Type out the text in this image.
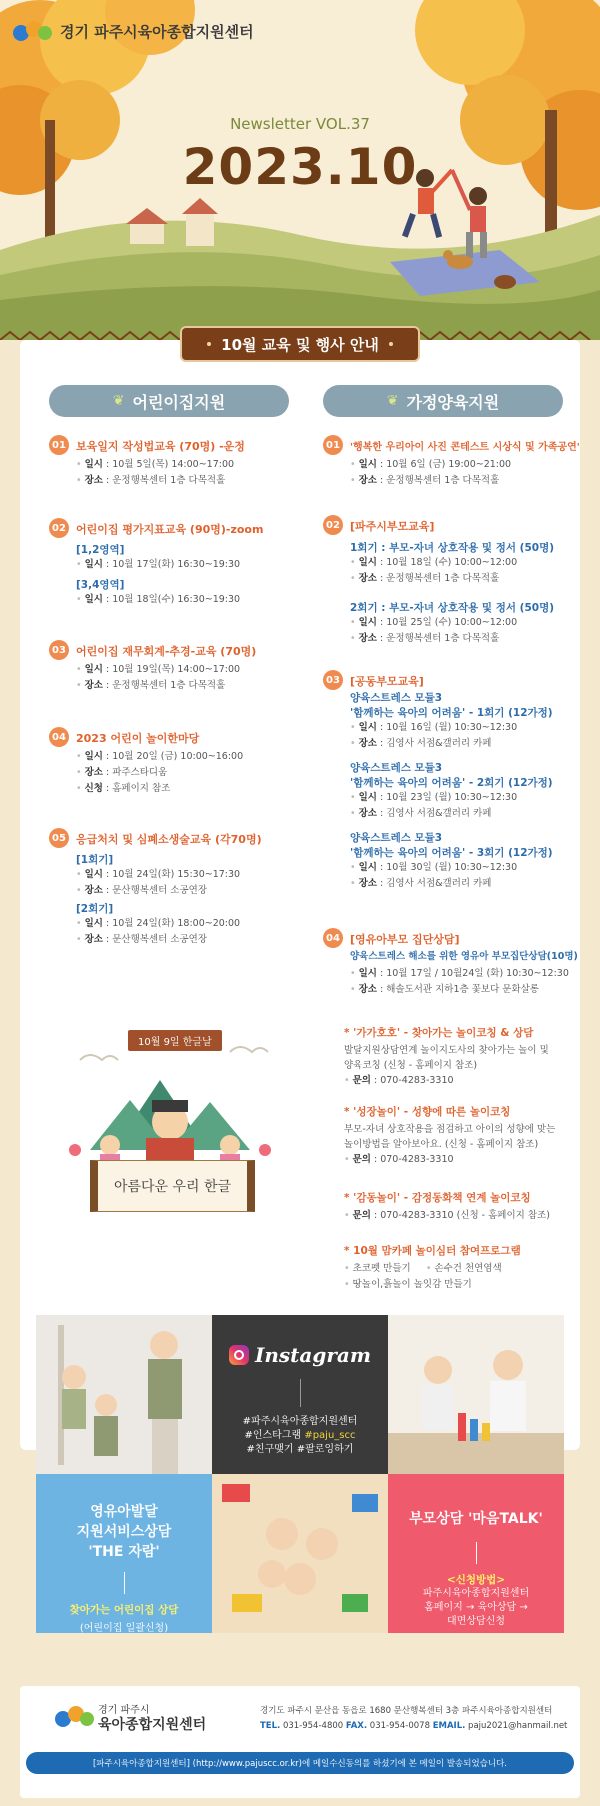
경기 파주시육아종합지원센터
Newsletter VOL.37
2023.10
❦ 어린이집지원	❦ 가정양육지원
01 보육일지 작성법교육 (70명) -운정
• 일시 : 10월 5일(목) 14:00~17:00
• 장소 : 운정행복센터 1층 다목적홀
02 어린이집 평가지표교육 (90명)-zoom
[1,2영역]
• 일시 : 10월 17일(화) 16:30~19:30
[3,4영역]
• 일시 : 10월 18일(수) 16:30~19:30
03 어린이집 재무회계-추경-교육 (70명)
• 일시 : 10월 19일(목) 14:00~17:00
• 장소 : 운정행복센터 1층 다목적홀
04 2023 어린이 놀이한마당
• 일시 : 10월 20일 (금) 10:00~16:00
• 장소 : 파주스타디움
• 신청 : 홈페이지 참조
05 응급처치 및 심폐소생술교육 (각70명)
[1회기]
• 일시 : 10월 24일(화) 15:30~17:30
• 장소 : 문산행복센터 소공연장
[2회기]
• 일시 : 10월 24일(화) 18:00~20:00
• 장소 : 문산행복센터 소공연장
01	'행복한 우리아이 사진 콘테스트 시상식 및 가족공연'
• 일시 : 10월 6일 (금) 19:00~21:00
• 장소 : 운정행복센터 1층 다목적홀
02 [파주시부모교육]
1회기 : 부모-자녀 상호작용 및 정서 (50명)
• 일시 : 10월 18일 (수) 10:00~12:00
• 장소 : 운정행복센터 1층 다목적홀
2회기 : 부모-자녀 상호작용 및 정서 (50명)
• 일시 : 10월 25일 (수) 10:00~12:00
• 장소 : 운정행복센터 1층 다목적홀
03 [공동부모교육]
양육스트레스 모듈3
'함께하는 육아의 어려움' - 1회기 (12가정)
• 일시 : 10월 16일 (월) 10:30~12:30
• 장소 : 김영사 서점&갤러리 카페
양육스트레스 모듈3
'함께하는 육아의 어려움' - 2회기 (12가정)
• 일시 : 10월 23일 (월) 10:30~12:30
• 장소 : 김영사 서점&갤러리 카페
양육스트레스 모듈3
'함께하는 육아의 어려움' - 3회기 (12가정)
• 일시 : 10월 30일 (월) 10:30~12:30
• 장소 : 김영사 서점&갤러리 카페
04 [영유아부모 집단상담]
양육스트레스 해소를 위한 영유아 부모집단상담(10명)
• 일시 : 10월 17일 / 10월24일 (화) 10:30~12:30
• 장소 : 해솔도서관 지하1층 꽃보다 문화살롱
* '가가호호' - 찾아가는 놀이코칭 & 상담
발달지원상담연계 놀이지도사의 찾아가는 놀이 및
양육코칭 (신청 - 홈페이지 참조)
• 문의 : 070-4283-3310
* '성장놀이' - 성향에 따른 놀이코칭
부모-자녀 상호작용을 점검하고 아이의 성향에 맞는
놀이방법을 알아보아요. (신청 - 홈페이지 참조)
• 문의 : 070-4283-3310
* '감동놀이' - 감정동화책 연계 놀이코칭
• 문의 : 070-4283-3310 (신청 - 홈페이지 참조)
* 10월 맘카페 놀이심터 참여프로그램
• 초코펫 만들기 • 손수건 천연염색
• 땅놀이,흙놀이 놀잇감 만들기
10월 교육 및 행사 안내
10월 9일 한글날
아름다운 우리 한글
Instagram
#파주시육아종합지원센터
#인스타그램 #paju_scc
#친구맺기 #팔로잉하기
영유아발달
지원서비스상담
'THE 자람'
찾아가는 어린이집 상담
(어린이집 일괄신청)
부모상담 '마음TALK'
<신청방법>
파주시육아종합지원센터
홈페이지 → 육아상담 →
대면상담신청
경기 파주시
육아종합지원센터
경기도 파주시 문산읍 동읍로 1680 문산행복센터 3층 파주시육아종합지원센터
TEL. 031-954-4800 FAX. 031-954-0078 EMAIL. paju2021@hanmail.net
[파주시육아종합지원센터] (http://www.pajuscc.or.kr)에 메일수신동의를 하셨기에 본 메일이 발송되었습니다.
